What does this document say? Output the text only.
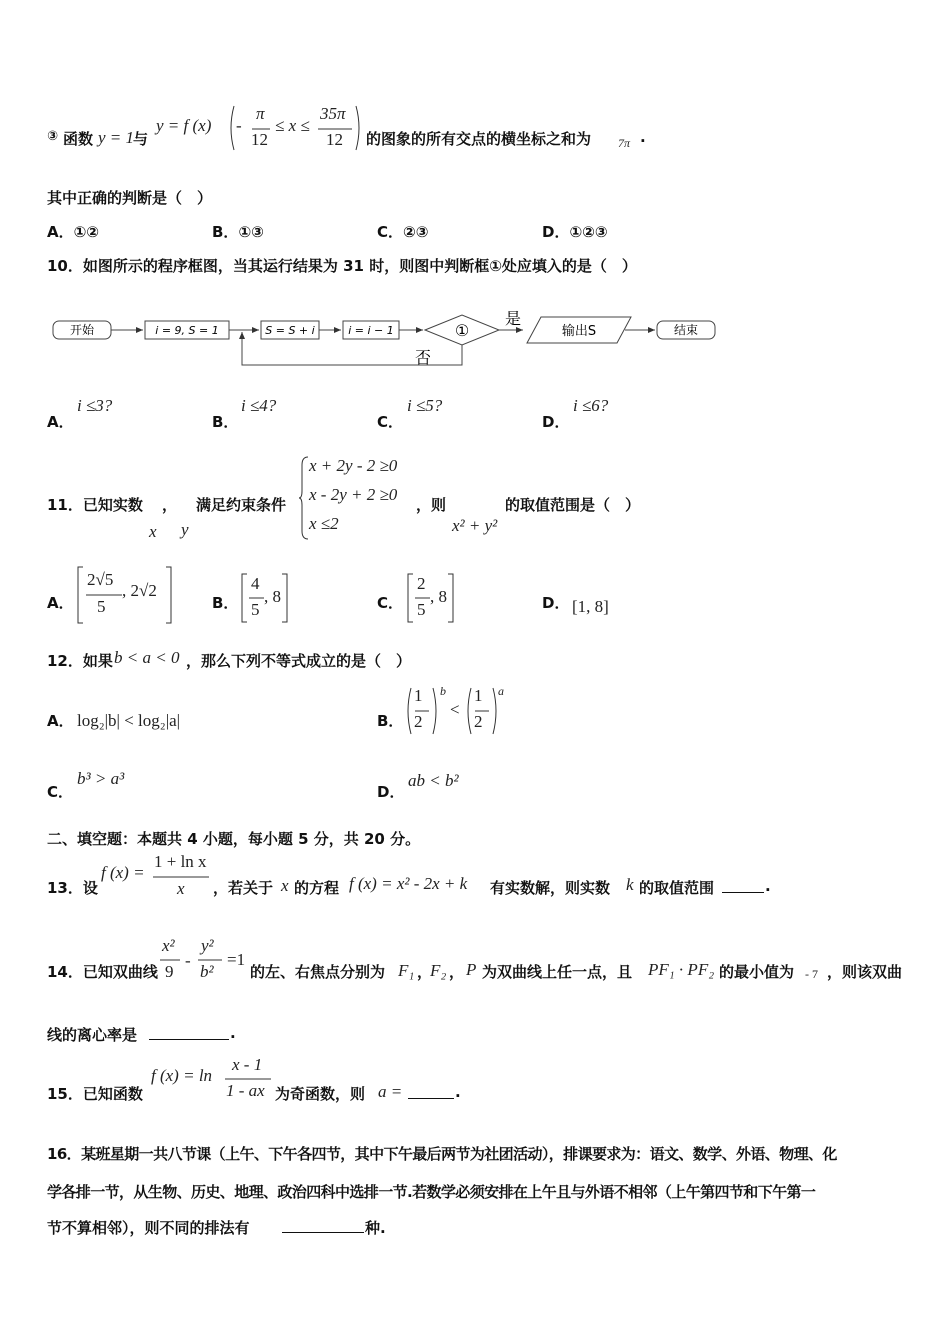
③ 函数 y = 1
与
y = f (x) -
π
12
≤ x ≤
35π
12 的图象的所有交点的横坐标之和为 7π .
其中正确的判断是（　）
A．①②	B．①③	C．②③	D．①②③
10．如图所示的程序框图，当其运行结果为 31 时，则图中判断框①处应填入的是（　）
开始	i = 9, S = 1	S = S + i	i = i − 1	①
是
输出S	结束
否
A．
i ≤3?
B．
i ≤4?
C．
i ≤5?
D．
i ≤6?
11．已知实数 ， 满足约束条件
x y
x + 2y - 2 ≥0
x - 2y + 2 ≥0
x ≤2
，则
x² + y²
的取值范围是（　）
A．
2√5
5
, 2√2
B．
4
5
, 8	C．
2
5
, 8	D． [1, 8]
12．如果 b < a < 0 ，那么下列不等式成立的是（　）
A． log₂|b| < log₂|a|	B．
1
2
b
<
1
2
a
C．
b³ > a³
D．
ab < b²
二、填空题：本题共 4 小题，每小题 5 分，共 20 分。
13．设
f (x) =
1 + ln x
x ，若关于 x 的方程 f (x) = x² - 2x + k 有实数解，则实数 k 的取值范围	.
14．已知双曲线
x²
9
-
y²
b²
=1
的左、右焦点分别为 F₁ ，
F₂ ， P 为双曲线上任一点，且 PF₁ · PF₂ 的最小值为 - 7 ，则该双曲
线的离心率是	.
15．已知函数
f (x) = ln
x - 1
1 - ax 为奇函数，则 a =	.
16．某班星期一共八节课（上午、下午各四节，其中下午最后两节为社团活动），排课要求为：语文、数学、外语、物理、化
学各排一节，从生物、历史、地理、政治四科中选排一节.若数学必须安排在上午且与外语不相邻（上午第四节和下午第一
节不算相邻），则不同的排法有	种.
